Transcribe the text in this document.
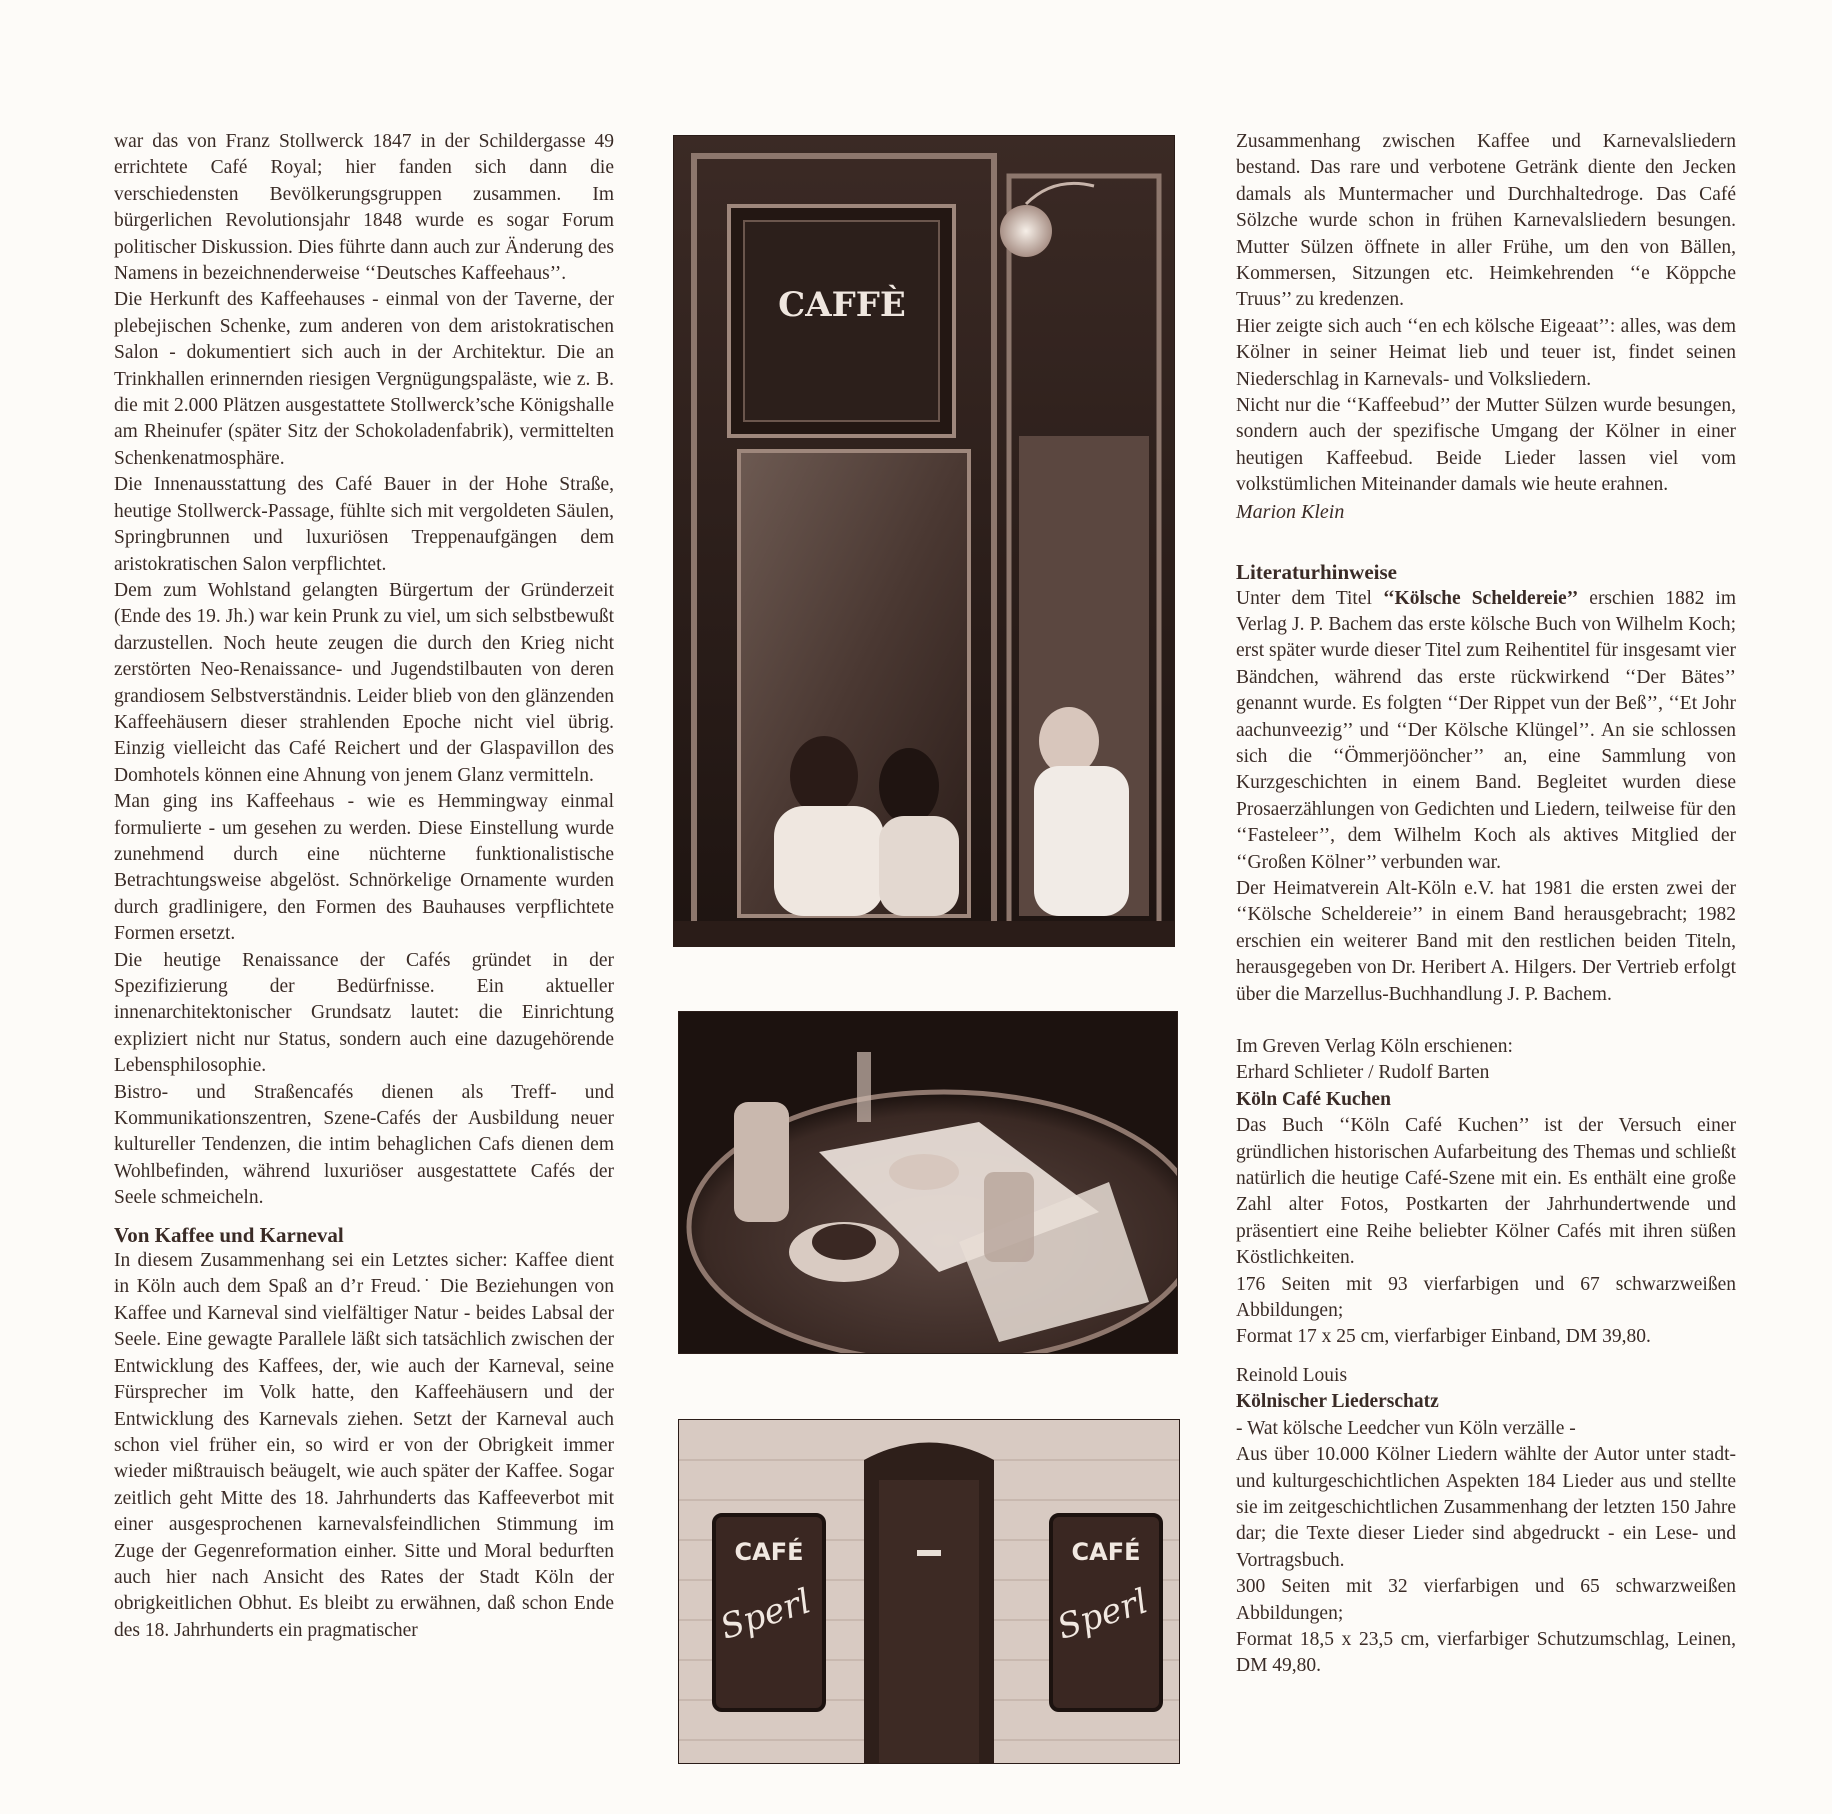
war das von Franz Stollwerck 1847 in der Schildergasse 49 errichtete Café Royal; hier fanden sich dann die verschiedensten Bevölkerungsgruppen zusammen. Im bürgerlichen Revolutionsjahr 1848 wurde es sogar Forum politischer Diskussion. Dies führte dann auch zur Änderung des Namens in bezeichnenderweise ‘‘Deutsches Kaffeehaus’’.

Die Herkunft des Kaffeehauses - einmal von der Taverne, der plebejischen Schenke, zum anderen von dem aristokratischen Salon - dokumentiert sich auch in der Architektur. Die an Trinkhallen erinnernden riesigen Vergnügungspaläste, wie z. B. die mit 2.000 Plätzen ausgestattete Stollwerck’sche Königshalle am Rheinufer (später Sitz der Schokoladenfabrik), vermittelten Schenkenatmosphäre.

Die Innenausstattung des Café Bauer in der Hohe Straße, heutige Stollwerck-Passage, fühlte sich mit vergoldeten Säulen, Springbrunnen und luxuriösen Treppenaufgängen dem aristokratischen Salon verpflichtet.

Dem zum Wohlstand gelangten Bürgertum der Gründerzeit (Ende des 19. Jh.) war kein Prunk zu viel, um sich selbstbewußt darzustellen. Noch heute zeugen die durch den Krieg nicht zerstörten Neo-Renaissance- und Jugendstilbauten von deren grandiosem Selbstverständnis. Leider blieb von den glänzenden Kaffeehäusern dieser strahlenden Epoche nicht viel übrig. Einzig vielleicht das Café Reichert und der Glaspavillon des Domhotels können eine Ahnung von jenem Glanz vermitteln.

Man ging ins Kaffeehaus - wie es Hemmingway einmal formulierte - um gesehen zu werden. Diese Einstellung wurde zunehmend durch eine nüchterne funktionalistische Betrachtungsweise abgelöst. Schnörkelige Ornamente wurden durch gradlinigere, den Formen des Bauhauses verpflichtete Formen ersetzt.

Die heutige Renaissance der Cafés gründet in der Spezifizierung der Bedürfnisse. Ein aktueller innenarchitektonischer Grundsatz lautet: die Einrichtung expliziert nicht nur Status, sondern auch eine dazugehörende Lebensphilosophie.

Bistro- und Straßencafés dienen als Treff- und Kommunikationszentren, Szene-Cafés der Ausbildung neuer kultureller Tendenzen, die intim behaglichen Cafs dienen dem Wohlbefinden, während luxuriöser ausgestattete Cafés der Seele schmeicheln.

Von Kaffee und Karneval

In diesem Zusammenhang sei ein Letztes sicher: Kaffee dient in Köln auch dem Spaß an d’r Freud.˙ Die Beziehungen von Kaffee und Karneval sind vielfältiger Natur - beides Labsal der Seele. Eine gewagte Parallele läßt sich tatsächlich zwischen der Entwicklung des Kaffees, der, wie auch der Karneval, seine Fürsprecher im Volk hatte, den Kaffeehäusern und der Entwicklung des Karnevals ziehen. Setzt der Karneval auch schon viel früher ein, so wird er von der Obrigkeit immer wieder mißtrauisch beäugelt, wie auch später der Kaffee. Sogar zeitlich geht Mitte des 18. Jahrhunderts das Kaffeeverbot mit einer ausgesprochenen karnevalsfeindlichen Stimmung im Zuge der Gegenreformation einher. Sitte und Moral bedurften auch hier nach Ansicht des Rates der Stadt Köln der obrigkeitlichen Obhut. Es bleibt zu erwähnen, daß schon Ende des 18. Jahrhunderts ein pragmatischer

CAFFÈ
CAFÉ
Sperl
CAFÉ
Sperl

Zusammenhang zwischen Kaffee und Karnevalsliedern bestand. Das rare und verbotene Getränk diente den Jecken damals als Muntermacher und Durchhaltedroge. Das Café Sölzche wurde schon in frühen Karnevalsliedern besungen. Mutter Sülzen öffnete in aller Frühe, um den von Bällen, Kommersen, Sitzungen etc. Heimkehrenden ‘‘e Köppche Truus’’ zu kredenzen.

Hier zeigte sich auch ‘‘en ech kölsche Eigeaat’’: alles, was dem Kölner in seiner Heimat lieb und teuer ist, findet seinen Niederschlag in Karnevals- und Volksliedern.

Nicht nur die ‘‘Kaffeebud’’ der Mutter Sülzen wurde besungen, sondern auch der spezifische Umgang der Kölner in einer heutigen Kaffeebud. Beide Lieder lassen viel vom volkstümlichen Miteinander damals wie heute erahnen.

Marion Klein

Literaturhinweise

Unter dem Titel ‘‘Kölsche Scheldereie’’ erschien 1882 im Verlag J. P. Bachem das erste kölsche Buch von Wilhelm Koch; erst später wurde dieser Titel zum Reihentitel für insgesamt vier Bändchen, während das erste rückwirkend ‘‘Der Bätes’’ genannt wurde. Es folgten ‘‘Der Rippet vun der Beß’’, ‘‘Et Johr aachunveezig’’ und ‘‘Der Kölsche Klüngel’’. An sie schlossen sich die ‘‘Ömmerjööncher’’ an, eine Sammlung von Kurzgeschichten in einem Band. Begleitet wurden diese Prosaerzählungen von Gedichten und Liedern, teilweise für den ‘‘Fasteleer’’, dem Wilhelm Koch als aktives Mitglied der ‘‘Großen Kölner’’ verbunden war.

Der Heimatverein Alt-Köln e.V. hat 1981 die ersten zwei der ‘‘Kölsche Scheldereie’’ in einem Band herausgebracht; 1982 erschien ein weiterer Band mit den restlichen beiden Titeln, herausgegeben von Dr. Heribert A. Hilgers. Der Vertrieb erfolgt über die Marzellus-Buchhandlung J. P. Bachem.

Im Greven Verlag Köln erschienen:

Erhard Schlieter / Rudolf Barten

Köln Café Kuchen

Das Buch ‘‘Köln Café Kuchen’’ ist der Versuch einer gründlichen historischen Aufarbeitung des Themas und schließt natürlich die heutige Café-Szene mit ein. Es enthält eine große Zahl alter Fotos, Postkarten der Jahrhundertwende und präsentiert eine Reihe beliebter Kölner Cafés mit ihren süßen Köstlichkeiten.

176 Seiten mit 93 vierfarbigen und 67 schwarzweißen Abbildungen;

Format 17 x 25 cm, vierfarbiger Einband, DM 39,80.

Reinold Louis

Kölnischer Liederschatz

- Wat kölsche Leedcher vun Köln verzälle -

Aus über 10.000 Kölner Liedern wählte der Autor unter stadt- und kulturgeschichtlichen Aspekten 184 Lieder aus und stellte sie im zeitgeschichtlichen Zusammenhang der letzten 150 Jahre dar; die Texte dieser Lieder sind abgedruckt - ein Lese- und Vortragsbuch.

300 Seiten mit 32 vierfarbigen und 65 schwarzweißen Abbildungen;

Format 18,5 x 23,5 cm, vierfarbiger Schutzumschlag, Leinen, DM 49,80.
